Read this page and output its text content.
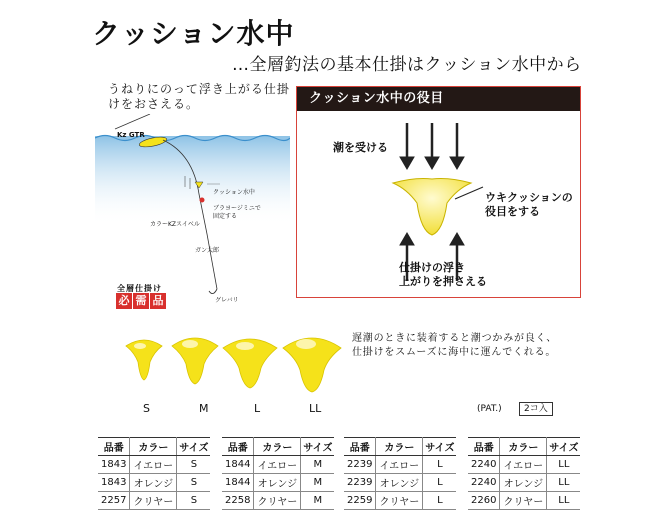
クッション水中
…全層釣法の基本仕掛はクッション水中から
うねりにのって浮き上がる仕掛けをおさえる。
Kz GTR
クッション水中
ブラヨージミニで
固定する
カラーKZスイベル
ガン太郎
グレバリ
全層仕掛け
必 需 品
クッション水中の役目
潮を受ける
ウキクッションの
役目をする
仕掛けの浮き
上がりを押さえる
遅潮のときに装着すると潮つかみが良く、
仕掛けをスムーズに海中に運んでくれる。
S	M	L	LL	(PAT.)	2コ入
品番	カラー	サイズ
1843	イエロー	S
1843	オレンジ	S
2257	クリヤー	S
品番	カラー	サイズ
1844	イエロー	M
1844	オレンジ	M
2258	クリヤー	M
品番	カラー	サイズ
2239	イエロー	L
2239	オレンジ	L
2259	クリヤー	L
品番	カラー	サイズ
2240	イエロー	LL
2240	オレンジ	LL
2260	クリヤー	LL
